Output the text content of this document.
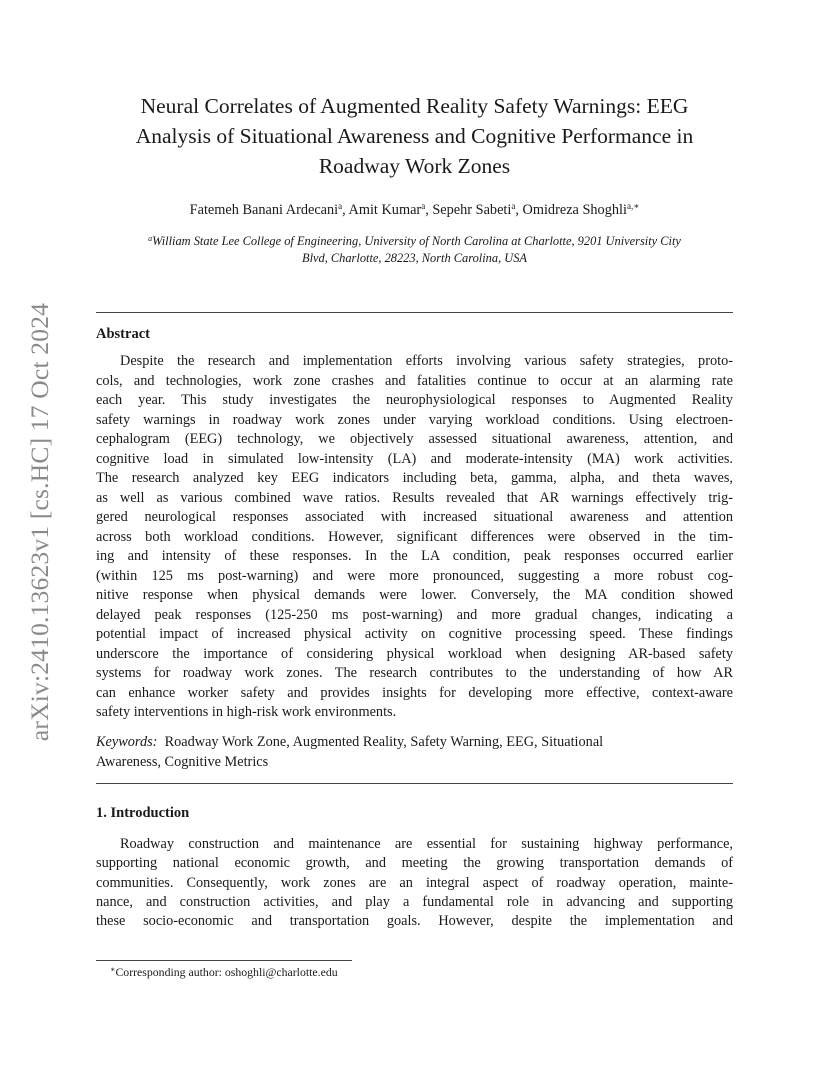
arXiv:2410.13623v1 [cs.HC] 17 Oct 2024
Neural Correlates of Augmented Reality Safety Warnings: EEG
Analysis of Situational Awareness and Cognitive Performance in
Roadway Work Zones
Fatemeh Banani Ardecani$^a$, Amit Kumar$^a$, Sepehr Sabeti$^a$, Omidreza Shoghli$^{a,∗}$
$^a$William State Lee College of Engineering, University of North Carolina at Charlotte, 9201 University City
Blvd, Charlotte, 28223, North Carolina, USA
Abstract
Despite the research and implementation efforts involving various safety strategies, proto-
cols, and technologies, work zone crashes and fatalities continue to occur at an alarming rate
each year. This study investigates the neurophysiological responses to Augmented Reality
safety warnings in roadway work zones under varying workload conditions. Using electroen-
cephalogram (EEG) technology, we objectively assessed situational awareness, attention, and
cognitive load in simulated low-intensity (LA) and moderate-intensity (MA) work activities.
The research analyzed key EEG indicators including beta, gamma, alpha, and theta waves,
as well as various combined wave ratios. Results revealed that AR warnings effectively trig-
gered neurological responses associated with increased situational awareness and attention
across both workload conditions. However, significant differences were observed in the tim-
ing and intensity of these responses. In the LA condition, peak responses occurred earlier
(within 125 ms post-warning) and were more pronounced, suggesting a more robust cog-
nitive response when physical demands were lower. Conversely, the MA condition showed
delayed peak responses (125-250 ms post-warning) and more gradual changes, indicating a
potential impact of increased physical activity on cognitive processing speed. These findings
underscore the importance of considering physical workload when designing AR-based safety
systems for roadway work zones. The research contributes to the understanding of how AR
can enhance worker safety and provides insights for developing more effective, context-aware
safety interventions in high-risk work environments.
Keywords: Roadway Work Zone, Augmented Reality, Safety Warning, EEG, Situational
Awareness, Cognitive Metrics
1. Introduction
Roadway construction and maintenance are essential for sustaining highway performance,
supporting national economic growth, and meeting the growing transportation demands of
communities. Consequently, work zones are an integral aspect of roadway operation, mainte-
nance, and construction activities, and play a fundamental role in advancing and supporting
these socio-economic and transportation goals. However, despite the implementation and
∗Corresponding author: oshoghli@charlotte.edu
